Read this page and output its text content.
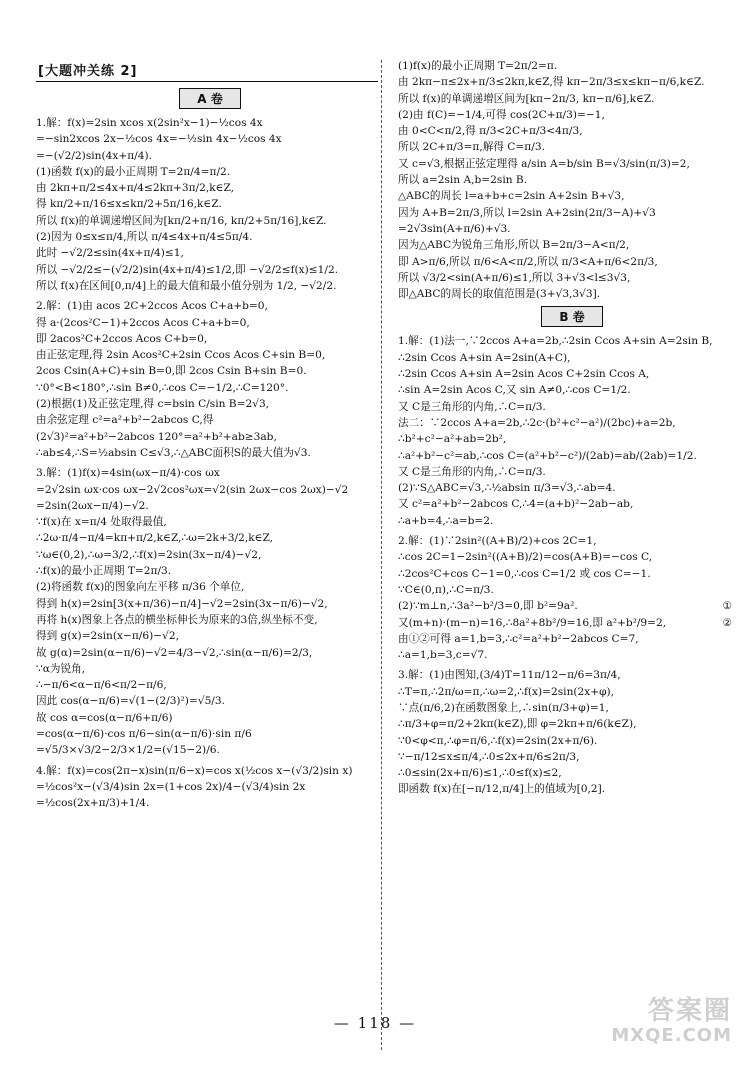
[大题冲关练 2]
A 卷
1.解：f(x)=2sin xcos x(2sin²x−1)−½cos 4x
=−sin2xcos 2x−½cos 4x=−½sin 4x−½cos 4x
=−(√2/2)sin(4x+π/4).
(1)函数 f(x)的最小正周期 T=2π/4=π/2.
由 2kπ+π/2≤4x+π/4≤2kπ+3π/2,k∈Z,
得 kπ/2+π/16≤x≤kπ/2+5π/16,k∈Z.
所以 f(x)的单调递增区间为[kπ/2+π/16, kπ/2+5π/16],k∈Z.
(2)因为 0≤x≤π/4,所以 π/4≤4x+π/4≤5π/4.
此时 −√2/2≤sin(4x+π/4)≤1,
所以 −√2/2≤−(√2/2)sin(4x+π/4)≤1/2,即 −√2/2≤f(x)≤1/2.
所以 f(x)在区间[0,π/4]上的最大值和最小值分别为 1/2, −√2/2.
2.解：(1)由 acos 2C+2ccos Acos C+a+b=0,
得 a·(2cos²C−1)+2ccos Acos C+a+b=0,
即 2acos²C+2ccos Acos C+b=0,
由正弦定理,得 2sin Acos²C+2sin Ccos Acos C+sin B=0,
2cos Csin(A+C)+sin B=0,即 2cos Csin B+sin B=0.
∵0°<B<180°,∴sin B≠0,∴cos C=−1/2,∴C=120°.
(2)根据(1)及正弦定理,得 c=bsin C/sin B=2√3,
由余弦定理 c²=a²+b²−2abcos C,得
(2√3)²=a²+b²−2abcos 120°=a²+b²+ab≥3ab,
∴ab≤4,∴S=½absin C≤√3,∴△ABC面积S的最大值为√3.
3.解：(1)f(x)=4sin(ωx−π/4)·cos ωx
=2√2sin ωx·cos ωx−2√2cos²ωx=√2(sin 2ωx−cos 2ωx)−√2
=2sin(2ωx−π/4)−√2.
∵f(x)在 x=π/4 处取得最值,
∴2ω·π/4−π/4=kπ+π/2,k∈Z,∴ω=2k+3/2,k∈Z,
∵ω∈(0,2),∴ω=3/2,∴f(x)=2sin(3x−π/4)−√2,
∴f(x)的最小正周期 T=2π/3.
(2)将函数 f(x)的图象向左平移 π/36 个单位,
得到 h(x)=2sin[3(x+π/36)−π/4]−√2=2sin(3x−π/6)−√2,
再将 h(x)图象上各点的横坐标伸长为原来的3倍,纵坐标不变,
得到 g(x)=2sin(x−π/6)−√2,
故 g(α)=2sin(α−π/6)−√2=4/3−√2,∴sin(α−π/6)=2/3,
∵α为锐角,
∴−π/6<α−π/6<π/2−π/6,
因此 cos(α−π/6)=√(1−(2/3)²)=√5/3.
故 cos α=cos(α−π/6+π/6)
=cos(α−π/6)·cos π/6−sin(α−π/6)·sin π/6
=√5/3×√3/2−2/3×1/2=(√15−2)/6.
4.解：f(x)=cos(2π−x)sin(π/6−x)=cos x(½cos x−(√3/2)sin x)
=½cos²x−(√3/4)sin 2x=(1+cos 2x)/4−(√3/4)sin 2x
=½cos(2x+π/3)+1/4.
(1)f(x)的最小正周期 T=2π/2=π.
由 2kπ−π≤2x+π/3≤2kπ,k∈Z,得 kπ−2π/3≤x≤kπ−π/6,k∈Z.
所以 f(x)的单调递增区间为[kπ−2π/3, kπ−π/6],k∈Z.
(2)由 f(C)=−1/4,可得 cos(2C+π/3)=−1,
由 0<C<π/2,得 π/3<2C+π/3<4π/3,
所以 2C+π/3=π,解得 C=π/3.
又 c=√3,根据正弦定理得 a/sin A=b/sin B=√3/sin(π/3)=2,
所以 a=2sin A,b=2sin B.
△ABC的周长 l=a+b+c=2sin A+2sin B+√3,
因为 A+B=2π/3,所以 l=2sin A+2sin(2π/3−A)+√3
=2√3sin(A+π/6)+√3.
因为△ABC为锐角三角形,所以 B=2π/3−A<π/2,
即 A>π/6,所以 π/6<A<π/2,所以 π/3<A+π/6<2π/3,
所以 √3/2<sin(A+π/6)≤1,所以 3+√3<l≤3√3,
即△ABC的周长的取值范围是(3+√3,3√3].
B 卷
1.解：(1)法一,∵2ccos A+a=2b,∴2sin Ccos A+sin A=2sin B,
∴2sin Ccos A+sin A=2sin(A+C),
∴2sin Ccos A+sin A=2sin Acos C+2sin Ccos A,
∴sin A=2sin Acos C,又 sin A≠0,∴cos C=1/2.
又 C是三角形的内角,∴C=π/3.
法二：∵2ccos A+a=2b,∴2c·(b²+c²−a²)/(2bc)+a=2b,
∴b²+c²−a²+ab=2b²,
∴a²+b²−c²=ab,∴cos C=(a²+b²−c²)/(2ab)=ab/(2ab)=1/2.
又 C是三角形的内角,∴C=π/3.
(2)∵S△ABC=√3,∴½absin π/3=√3,∴ab=4.
又 c²=a²+b²−2abcos C,∴4=(a+b)²−2ab−ab,
∴a+b=4,∴a=b=2.
2.解：(1)∵2sin²((A+B)/2)+cos 2C=1,
∴cos 2C=1−2sin²((A+B)/2)=cos(A+B)=−cos C,
∴2cos²C+cos C−1=0,∴cos C=1/2 或 cos C=−1.
∵C∈(0,π),∴C=π/3.
(2)∵m⊥n,∴3a²−b²/3=0,即 b²=9a².	①
又(m+n)·(m−n)=16,∴8a²+8b²/9=16,即 a²+b²/9=2,	②
由①②可得 a=1,b=3,∴c²=a²+b²−2abcos C=7,
∴a=1,b=3,c=√7.
3.解：(1)由图知,(3/4)T=11π/12−π/6=3π/4,
∴T=π,∴2π/ω=π,∴ω=2,∴f(x)=2sin(2x+φ),
∵点(π/6,2)在函数图象上,∴sin(π/3+φ)=1,
∴π/3+φ=π/2+2kπ(k∈Z),即 φ=2kπ+π/6(k∈Z),
∵0<φ<π,∴φ=π/6,∴f(x)=2sin(2x+π/6).
∵−π/12≤x≤π/4,∴0≤2x+π/6≤2π/3,
∴0≤sin(2x+π/6)≤1,∴0≤f(x)≤2,
即函数 f(x)在[−π/12,π/4]上的值域为[0,2].
— 118 —	答案圈
MXQE.COM
